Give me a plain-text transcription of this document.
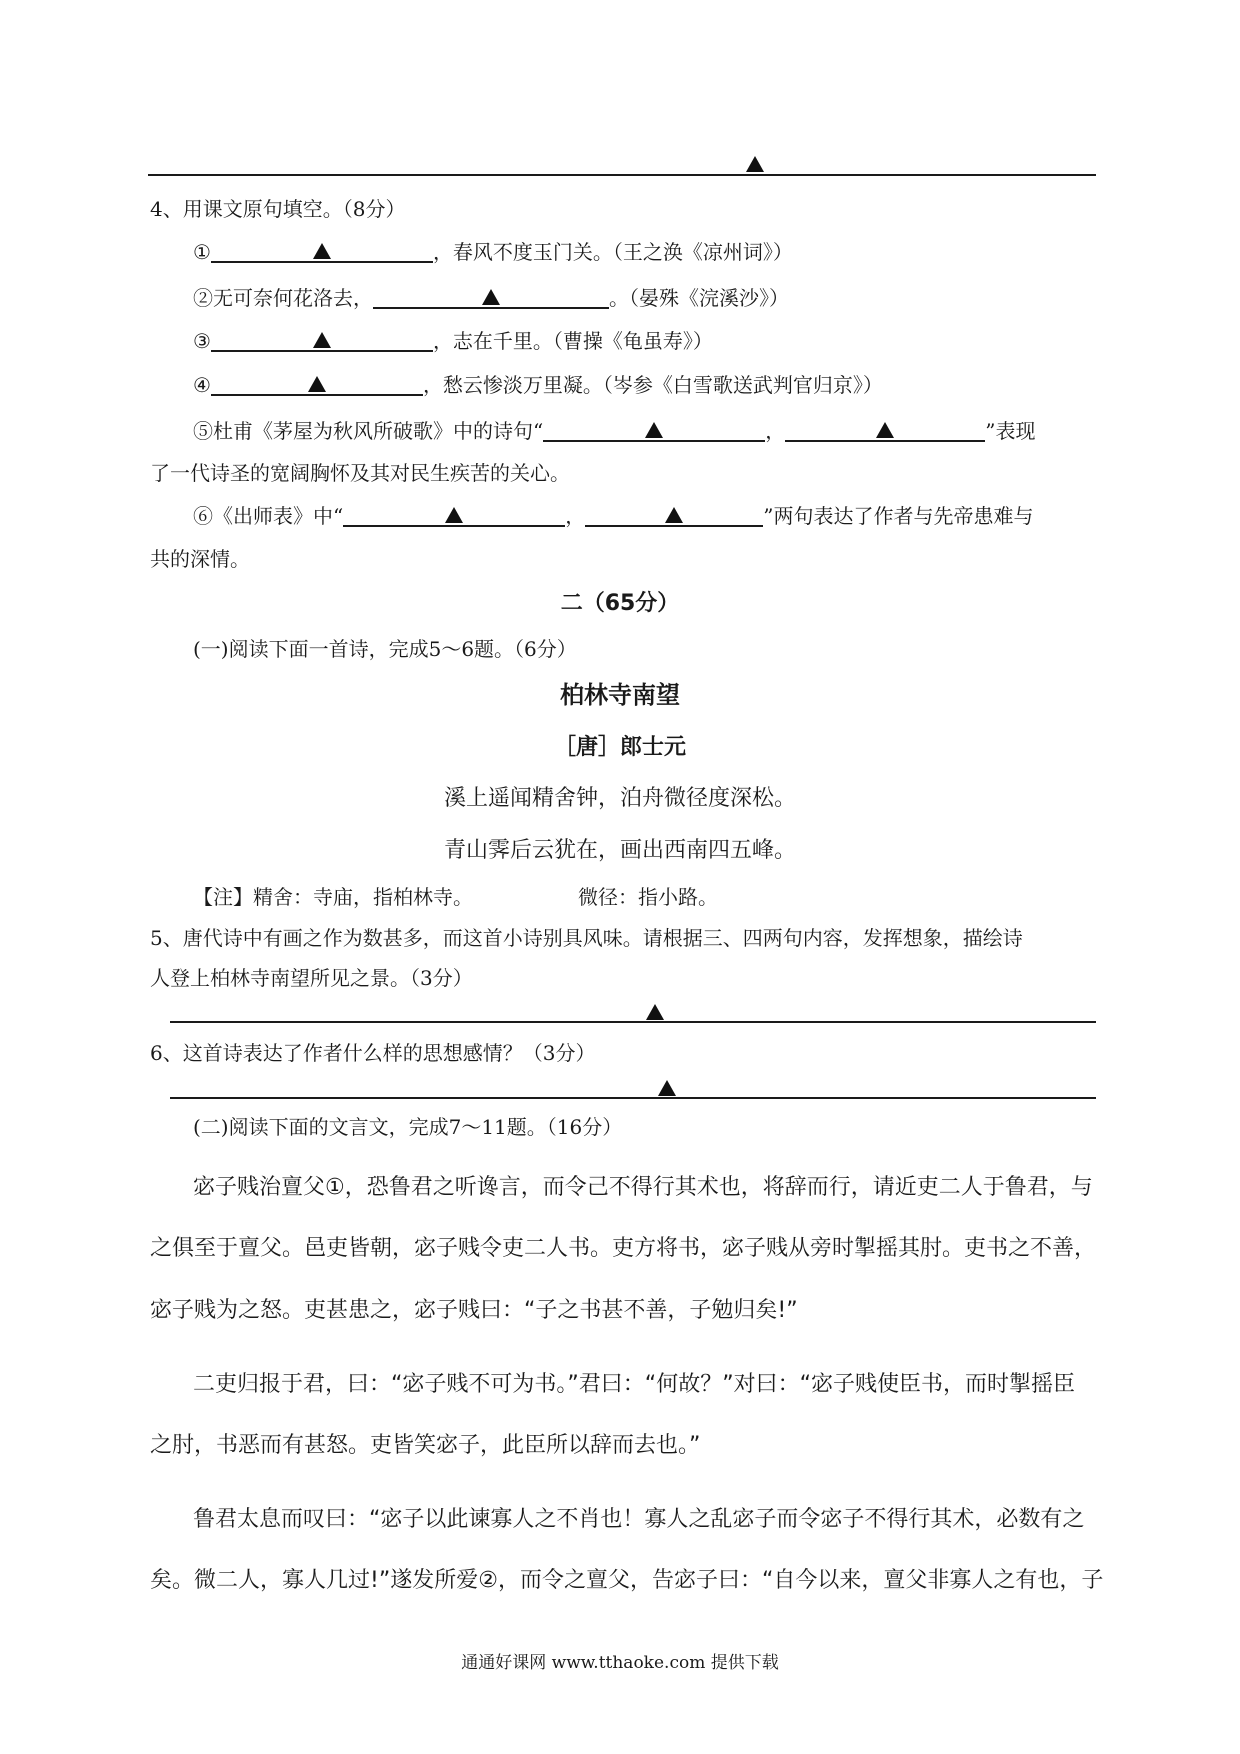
4、用课文原句填空。（8分）
①	，春风不度玉门关。（王之涣《凉州词》）
②无可奈何花洛去，	。（晏殊《浣溪沙》）
③	，志在千里。（曹操《龟虽寿》）
④	，愁云惨淡万里凝。（岑参《白雪歌送武判官归京》）
⑤杜甫《茅屋为秋风所破歌》中的诗句“	，	”表现
了一代诗圣的宽阔胸怀及其对民生疾苦的关心。
⑥《出师表》中“	，	”两句表达了作者与先帝患难与
共的深情。
二（65分）
(一)阅读下面一首诗，完成5～6题。（6分）
柏林寺南望
［唐］郎士元
溪上遥闻精舍钟，泊舟微径度深松。
青山霁后云犹在，画出西南四五峰。
【注】精舍：寺庙，指柏林寺。	微径：指小路。
5、唐代诗中有画之作为数甚多，而这首小诗别具风味。请根据三、四两句内容，发挥想象，描绘诗
人登上柏林寺南望所见之景。（3分）
6、这首诗表达了作者什么样的思想感情？（3分）
(二)阅读下面的文言文，完成7～11题。（16分）
宓子贱治亶父①，恐鲁君之听谗言，而令己不得行其术也，将辞而行，请近吏二人于鲁君，与
之俱至于亶父。邑吏皆朝，宓子贱令吏二人书。吏方将书，宓子贱从旁时掣摇其肘。吏书之不善，
宓子贱为之怒。吏甚患之，宓子贱曰：“子之书甚不善，子勉归矣!”
二吏归报于君，曰：“宓子贱不可为书。”君曰：“何故？”对曰：“宓子贱使臣书，而时掣摇臣
之肘，书恶而有甚怒。吏皆笑宓子，此臣所以辞而去也。”
鲁君太息而叹曰：“宓子以此谏寡人之不肖也！寡人之乱宓子而令宓子不得行其术，必数有之
矣。微二人，寡人几过!”遂发所爱②，而令之亶父，告宓子曰：“自今以来，亶父非寡人之有也，子
通通好课网 www.tthaoke.com 提供下载
